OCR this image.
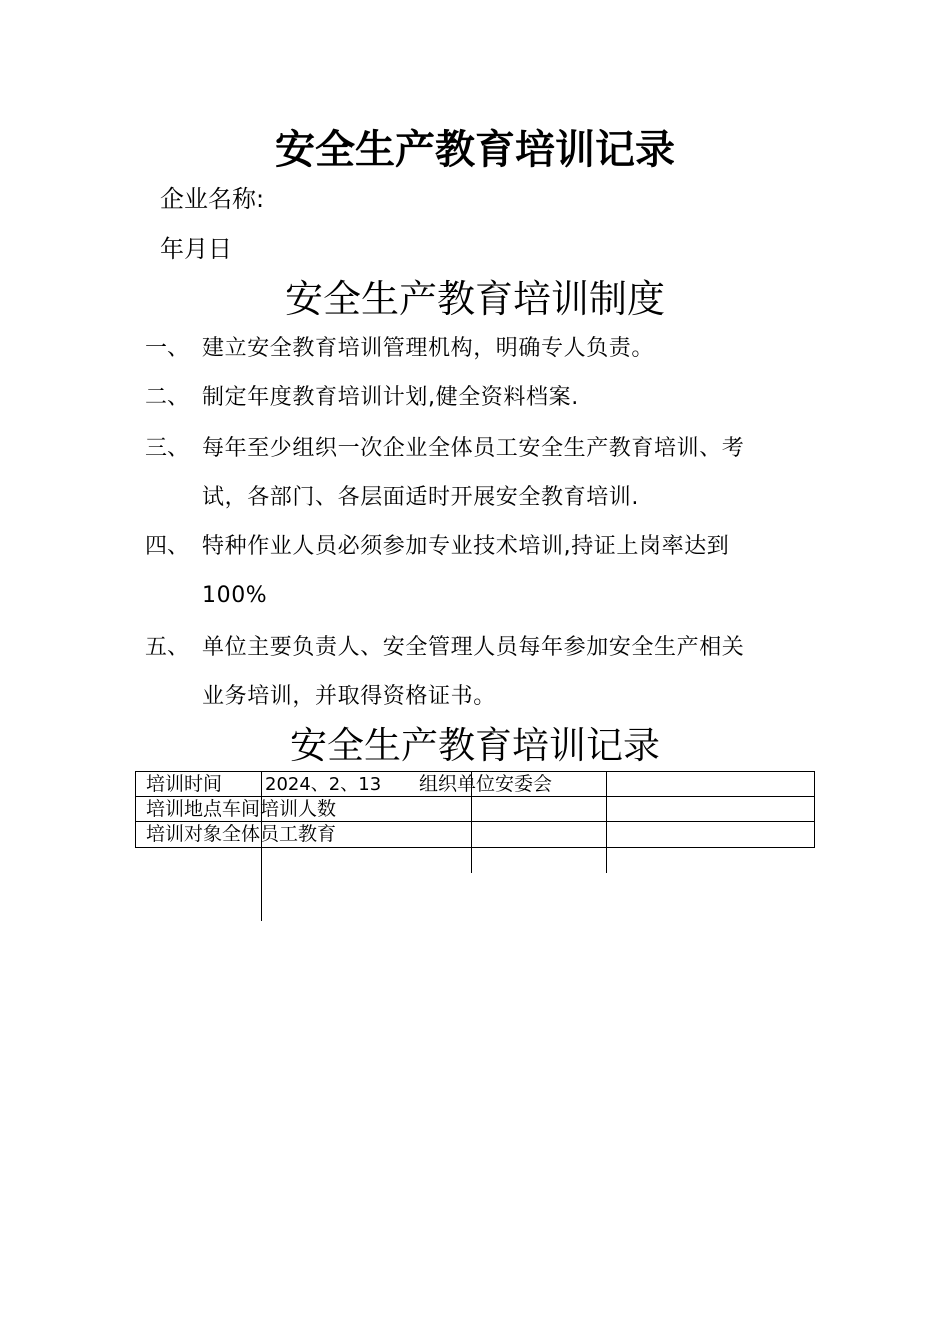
安全生产教育培训记录
企业名称:
年月日
安全生产教育培训制度
一、 建立安全教育培训管理机构，明确专人负责。
二、 制定年度教育培训计划,健全资料档案.
三、 每年至少组织一次企业全体员工安全生产教育培训、考
试，各部门、各层面适时开展安全教育培训.
四、 特种作业人员必须参加专业技术培训,持证上岗率达到
100%
五、 单位主要负责人、安全管理人员每年参加安全生产相关
业务培训，并取得资格证书。
安全生产教育培训记录
培训时间 2024、2、13 组织单位安委会
培训地点车间培训人数
培训对象全体员工教育
